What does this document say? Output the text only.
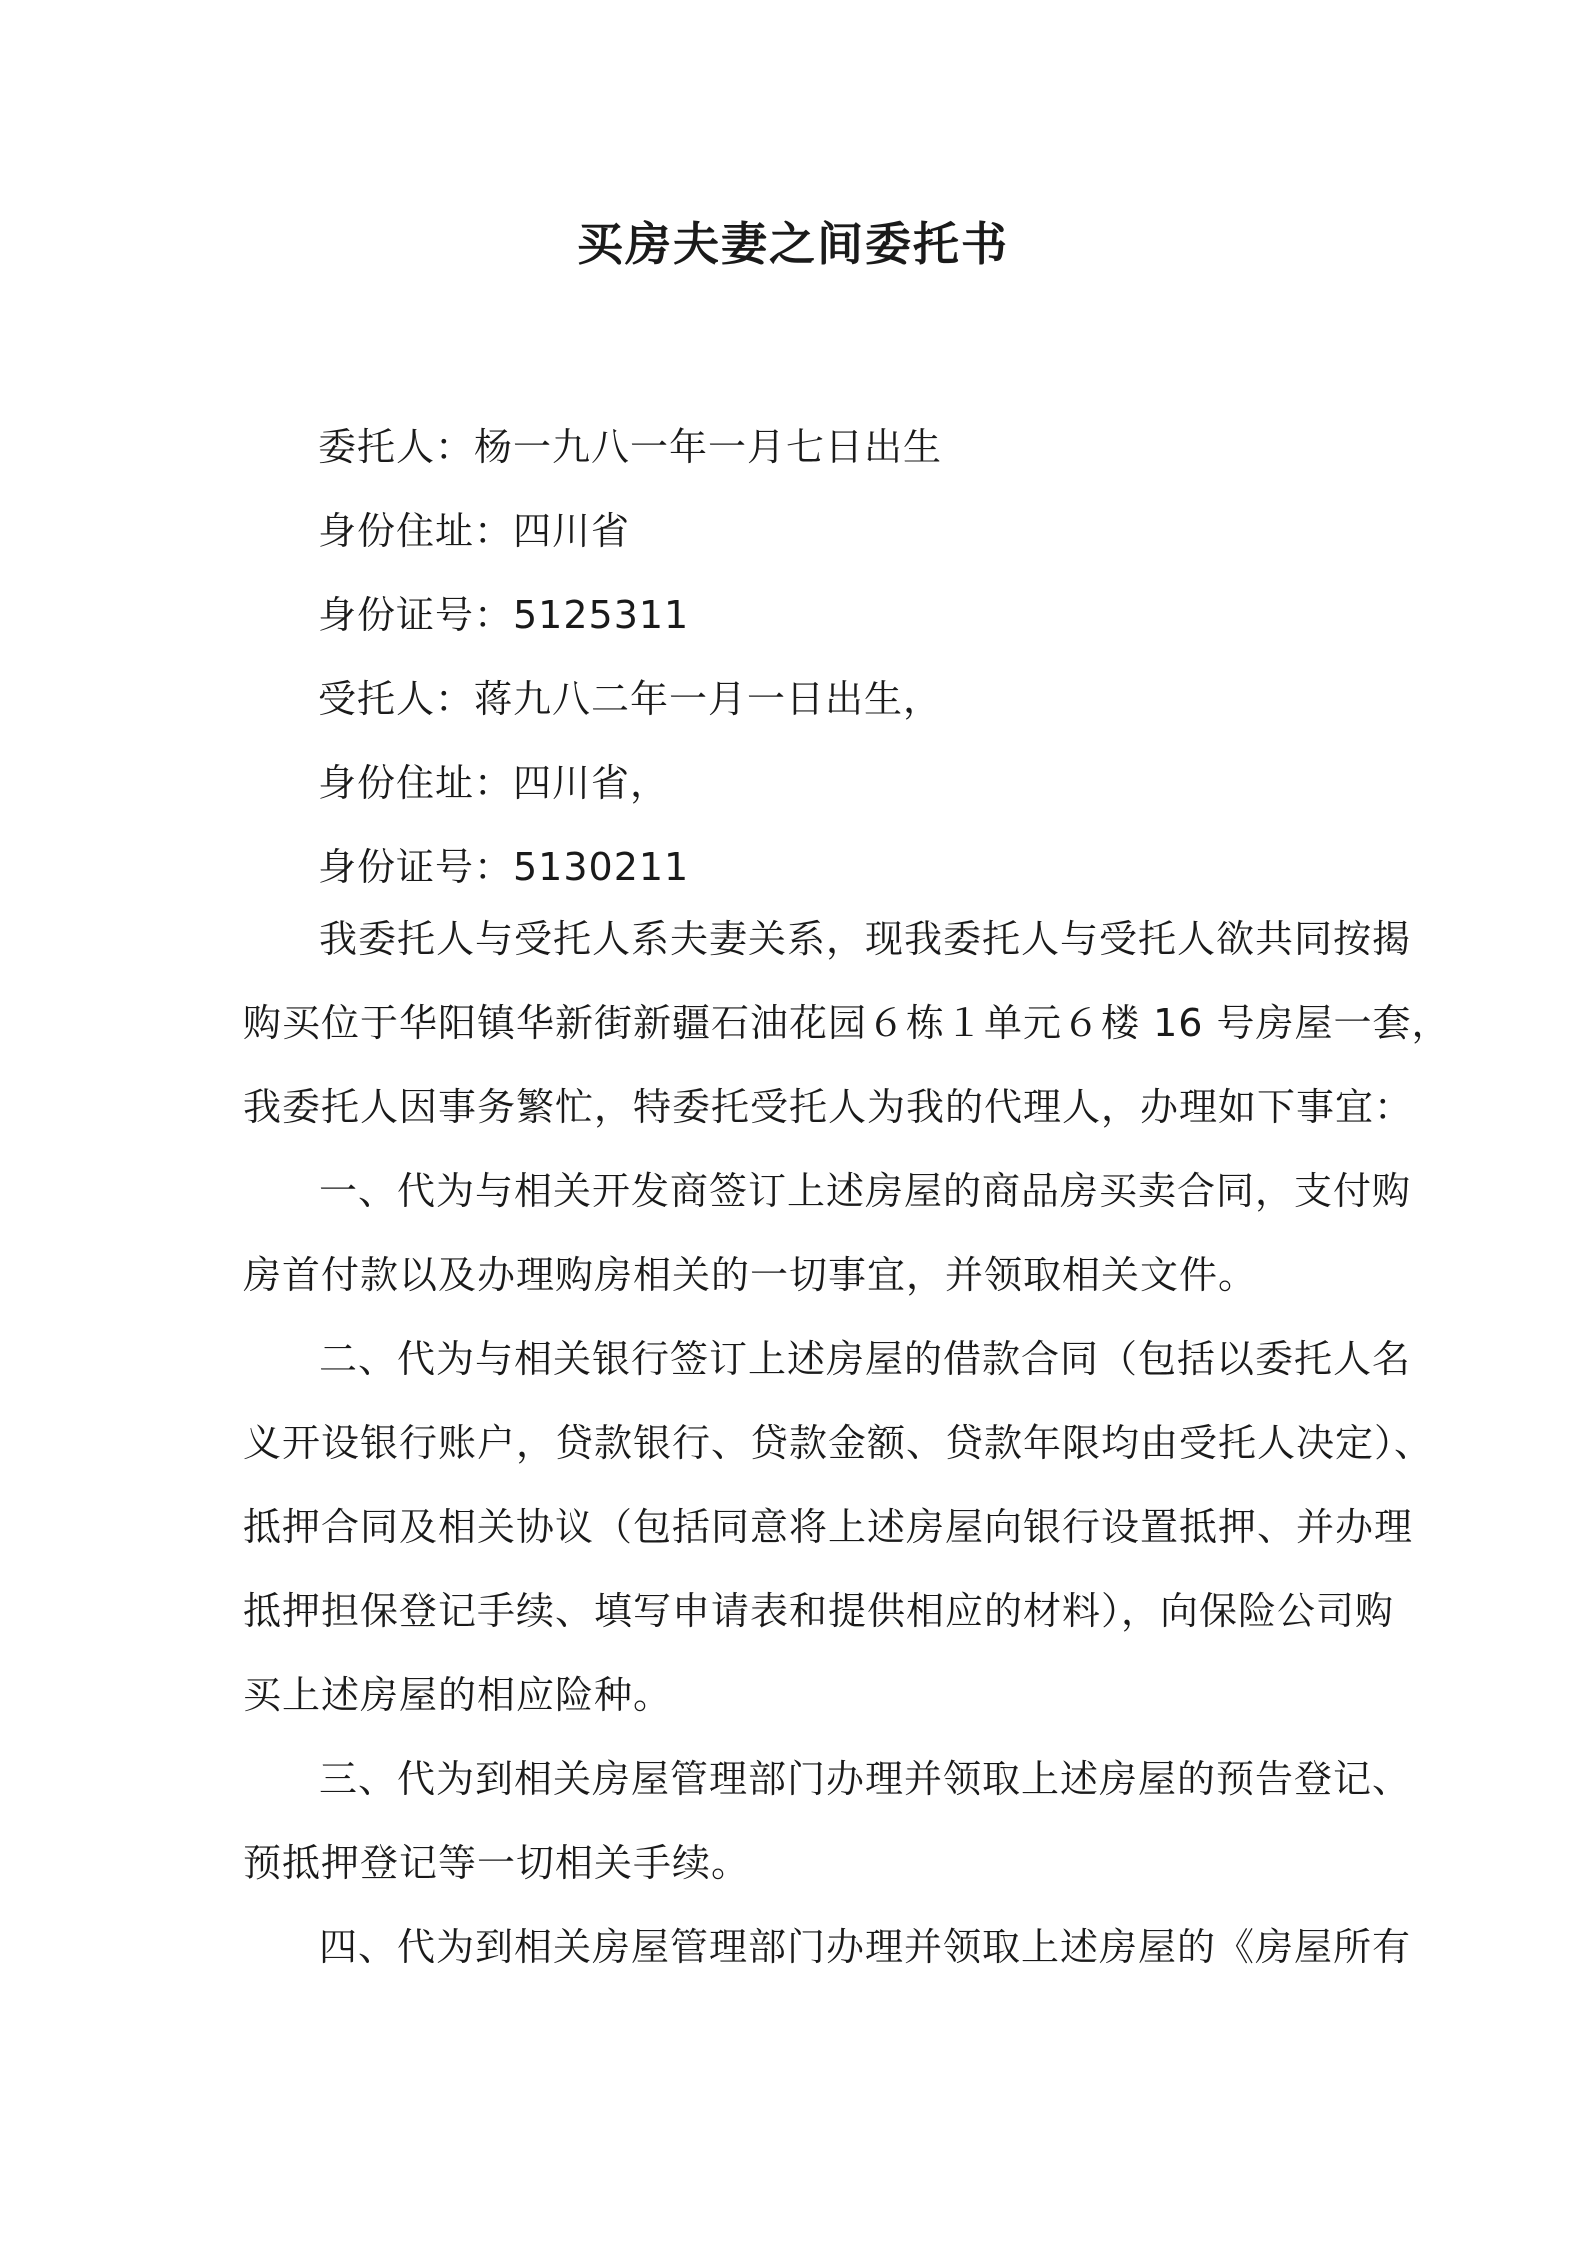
买房夫妻之间委托书
委托人：杨一九八一年一月七日出生
身份住址：四川省
身份证号：5125311
受托人：蒋九八二年一月一日出生，
身份住址：四川省，
身份证号：5130211

我委托人与受托人系夫妻关系，现我委托人与受托人欲共同按揭
购买位于华阳镇华新街新疆石油花园６栋１单元６楼 16 号房屋一套，
我委托人因事务繁忙，特委托受托人为我的代理人，办理如下事宜：

一、代为与相关开发商签订上述房屋的商品房买卖合同，支付购
房首付款以及办理购房相关的一切事宜，并领取相关文件。

二、代为与相关银行签订上述房屋的借款合同（包括以委托人名
义开设银行账户，贷款银行、贷款金额、贷款年限均由受托人决定）、
抵押合同及相关协议（包括同意将上述房屋向银行设置抵押、并办理
抵押担保登记手续、填写申请表和提供相应的材料），向保险公司购
买上述房屋的相应险种。

三、代为到相关房屋管理部门办理并领取上述房屋的预告登记、
预抵押登记等一切相关手续。

四、代为到相关房屋管理部门办理并领取上述房屋的《房屋所有
